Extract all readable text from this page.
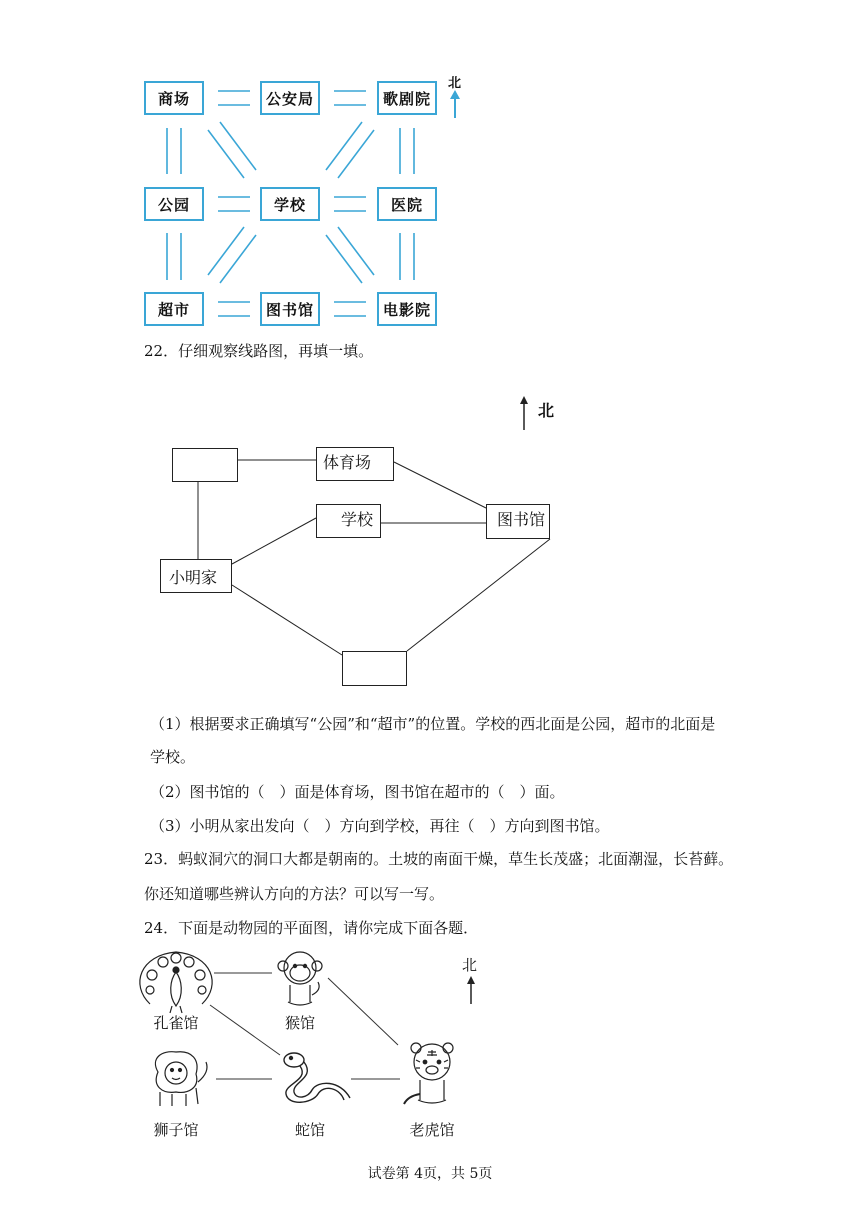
北
商场	公安局	歌剧院
公园	学校	医院
超市	图书馆	电影院
22．仔细观察线路图，再填一填。
北
体育场
学校	图书馆
小明家
（1）根据要求正确填写“公园”和“超市”的位置。学校的西北面是公园，超市的北面是
学校。
（2）图书馆的（　）面是体育场，图书馆在超市的（　）面。
（3）小明从家出发向（　）方向到学校，再往（　）方向到图书馆。
23．蚂蚁洞穴的洞口大都是朝南的。土坡的南面干燥，草生长茂盛；北面潮湿，长苔藓。
你还知道哪些辨认方向的方法？可以写一写。
24．下面是动物园的平面图，请你完成下面各题．
北
孔雀馆	猴馆
狮子馆	蛇馆	老虎馆
试卷第 4页，共 5页
